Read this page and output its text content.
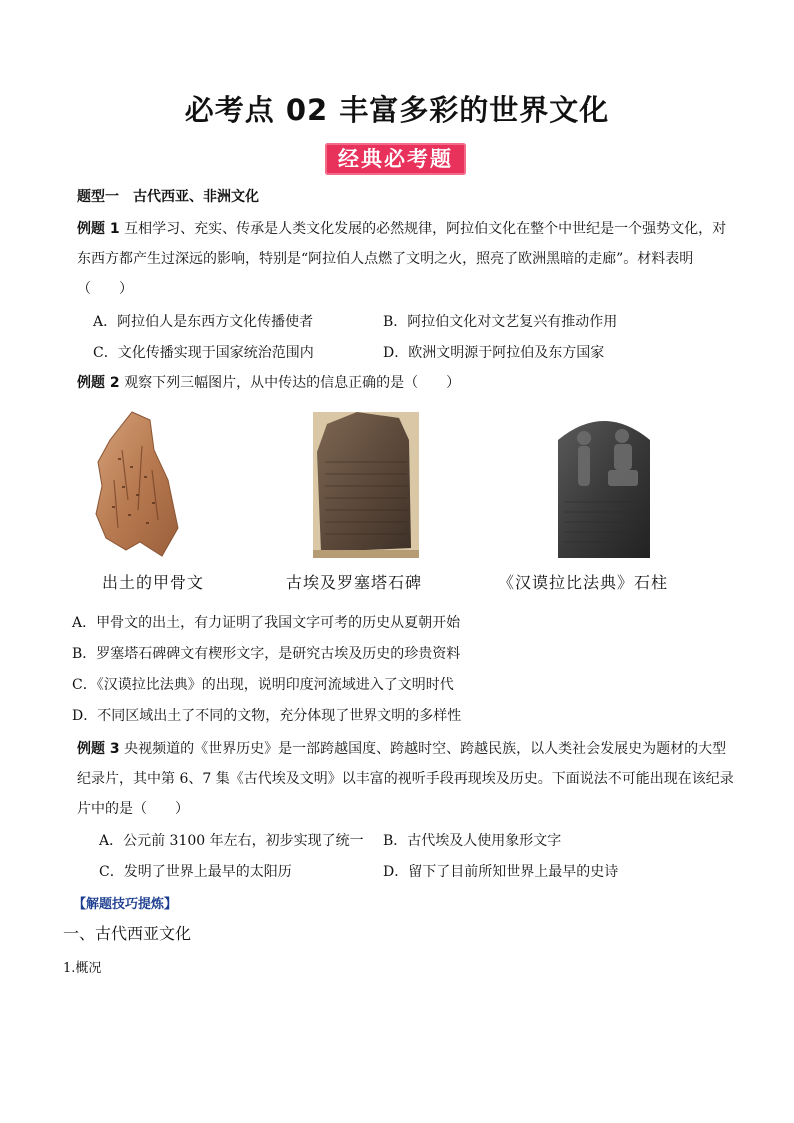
必考点 02 丰富多彩的世界文化
经典必考题
题型一　古代西亚、非洲文化
例题 1 互相学习、充实、传承是人类文化发展的必然规律，阿拉伯文化在整个中世纪是一个强势文化，对
东西方都产生过深远的影响，特别是“阿拉伯人点燃了文明之火，照亮了欧洲黑暗的走廊”。材料表明
（　　）
A．阿拉伯人是东西方文化传播使者	B．阿拉伯文化对文艺复兴有推动作用
C．文化传播实现于国家统治范围内	D．欧洲文明源于阿拉伯及东方国家
例题 2 观察下列三幅图片，从中传达的信息正确的是（　　）
出土的甲骨文	古埃及罗塞塔石碑	《汉谟拉比法典》石柱
A．甲骨文的出土，有力证明了我国文字可考的历史从夏朝开始
B．罗塞塔石碑碑文有楔形文字，是研究古埃及历史的珍贵资料
C．《汉谟拉比法典》的出现，说明印度河流域进入了文明时代
D．不同区域出土了不同的文物，充分体现了世界文明的多样性
例题 3 央视频道的《世界历史》是一部跨越国度、跨越时空、跨越民族，以人类社会发展史为题材的大型
纪录片，其中第 6、7 集《古代埃及文明》以丰富的视听手段再现埃及历史。下面说法不可能出现在该纪录
片中的是（　　）
A．公元前 3100 年左右，初步实现了统一 B．古代埃及人使用象形文字
C．发明了世界上最早的太阳历	D．留下了目前所知世界上最早的史诗
【解题技巧提炼】
一、古代西亚文化
1.概况
